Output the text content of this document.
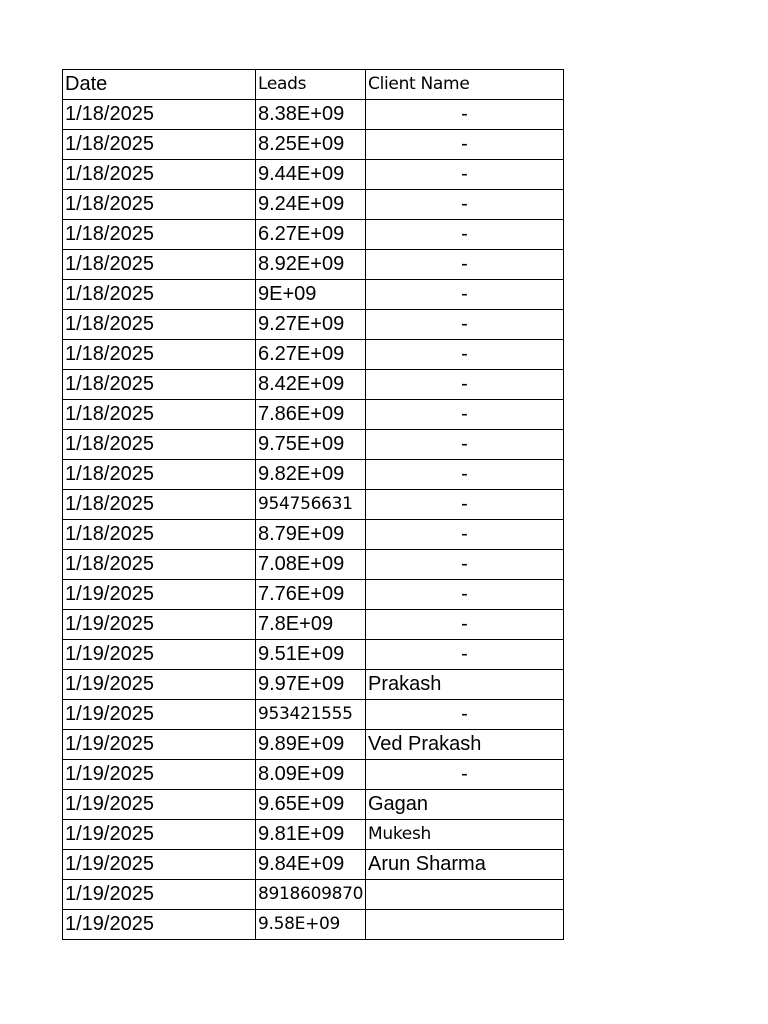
Date	Leads	Client Name
1/18/2025	8.38E+09	-
1/18/2025	8.25E+09	-
1/18/2025	9.44E+09	-
1/18/2025	9.24E+09	-
1/18/2025	6.27E+09	-
1/18/2025	8.92E+09	-
1/18/2025	9E+09	-
1/18/2025	9.27E+09	-
1/18/2025	6.27E+09	-
1/18/2025	8.42E+09	-
1/18/2025	7.86E+09	-
1/18/2025	9.75E+09	-
1/18/2025	9.82E+09	-
1/18/2025	954756631	-
1/18/2025	8.79E+09	-
1/18/2025	7.08E+09	-
1/19/2025	7.76E+09	-
1/19/2025	7.8E+09	-
1/19/2025	9.51E+09	-
1/19/2025	9.97E+09	Prakash
1/19/2025	953421555	-
1/19/2025	9.89E+09	Ved Prakash
1/19/2025	8.09E+09	-
1/19/2025	9.65E+09	Gagan
1/19/2025	9.81E+09	Mukesh
1/19/2025	9.84E+09	Arun Sharma
1/19/2025	8918609870	
1/19/2025	9.58E+09	
